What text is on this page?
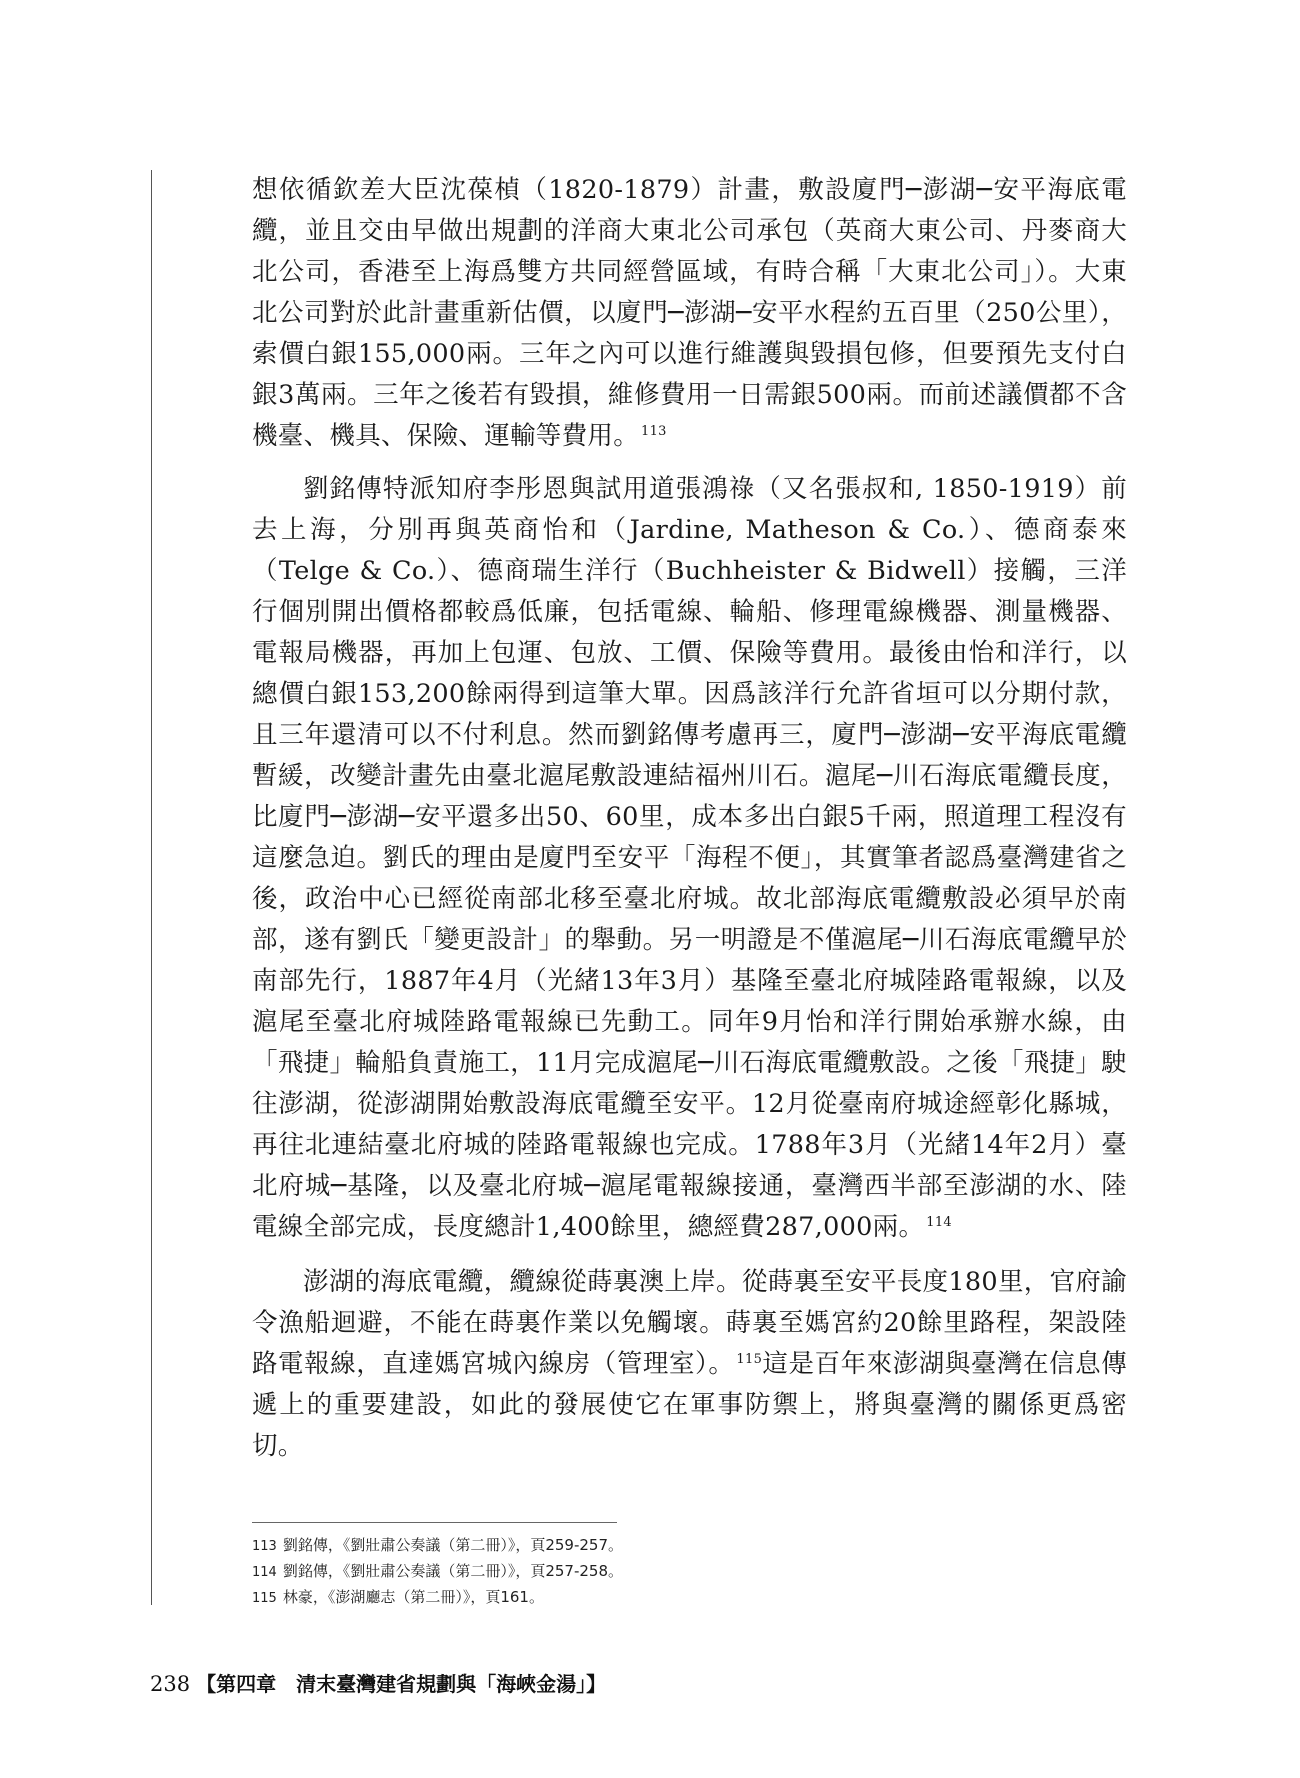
想依循欽差大臣沈葆楨（1820-1879）計畫，敷設廈門─澎湖─安平海底電纜，並且交由早做出規劃的洋商大東北公司承包（英商大東公司、丹麥商大北公司，香港至上海爲雙方共同經營區域，有時合稱「大東北公司」）。大東北公司對於此計畫重新估價，以廈門─澎湖─安平水程約五百里（250公里），索價白銀155,000兩。三年之內可以進行維護與毀損包修，但要預先支付白銀3萬兩。三年之後若有毀損，維修費用一日需銀500兩。而前述議價都不含機臺、機具、保險、運輸等費用。 $^{113}$

劉銘傳特派知府李彤恩與試用道張鴻祿（又名張叔和, 1850-1919）前去上海，分別再與英商怡和（Jardine, Matheson & Co.）、德商泰來（Telge & Co.）、德商瑞生洋行（Buchheister & Bidwell）接觸，三洋行個別開出價格都較爲低廉，包括電線、輪船、修理電線機器、測量機器、電報局機器，再加上包運、包放、工價、保險等費用。最後由怡和洋行，以總價白銀153,200餘兩得到這筆大單。因爲該洋行允許省垣可以分期付款，且三年還清可以不付利息。然而劉銘傳考慮再三，廈門─澎湖─安平海底電纜暫緩，改變計畫先由臺北滬尾敷設連結福州川石。滬尾─川石海底電纜長度，比廈門─澎湖─安平還多出50、60里，成本多出白銀5千兩，照道理工程沒有這麼急迫。劉氏的理由是廈門至安平「海程不便」，其實筆者認爲臺灣建省之後，政治中心已經從南部北移至臺北府城。故北部海底電纜敷設必須早於南部，遂有劉氏「變更設計」的舉動。另一明證是不僅滬尾─川石海底電纜早於南部先行，1887年4月（光緒13年3月）基隆至臺北府城陸路電報線，以及滬尾至臺北府城陸路電報線已先動工。同年9月怡和洋行開始承辦水線，由「飛捷」輪船負責施工，11月完成滬尾─川石海底電纜敷設。之後「飛捷」駛往澎湖，從澎湖開始敷設海底電纜至安平。12月從臺南府城途經彰化縣城，再往北連結臺北府城的陸路電報線也完成。1788年3月（光緒14年2月）臺北府城─基隆，以及臺北府城─滬尾電報線接通，臺灣西半部至澎湖的水、陸電線全部完成，長度總計1,400餘里，總經費287,000兩。 $^{114}$

澎湖的海底電纜，纜線從蒔裏澳上岸。從蒔裏至安平長度180里，官府諭令漁船迴避，不能在蒔裏作業以免觸壞。蒔裏至媽宮約20餘里路程，架設陸路電報線，直達媽宮城內線房（管理室）。 $^{115}$這是百年來澎湖與臺灣在信息傳遞上的重要建設，如此的發展使它在軍事防禦上，將與臺灣的關係更爲密切。

113 劉銘傳，《劉壯肅公奏議（第二冊）》，頁259-257。
114 劉銘傳，《劉壯肅公奏議（第二冊）》，頁257-258。
115 林豪，《澎湖廳志（第二冊）》，頁161。
238 【第四章　清末臺灣建省規劃與「海峽金湯」】
